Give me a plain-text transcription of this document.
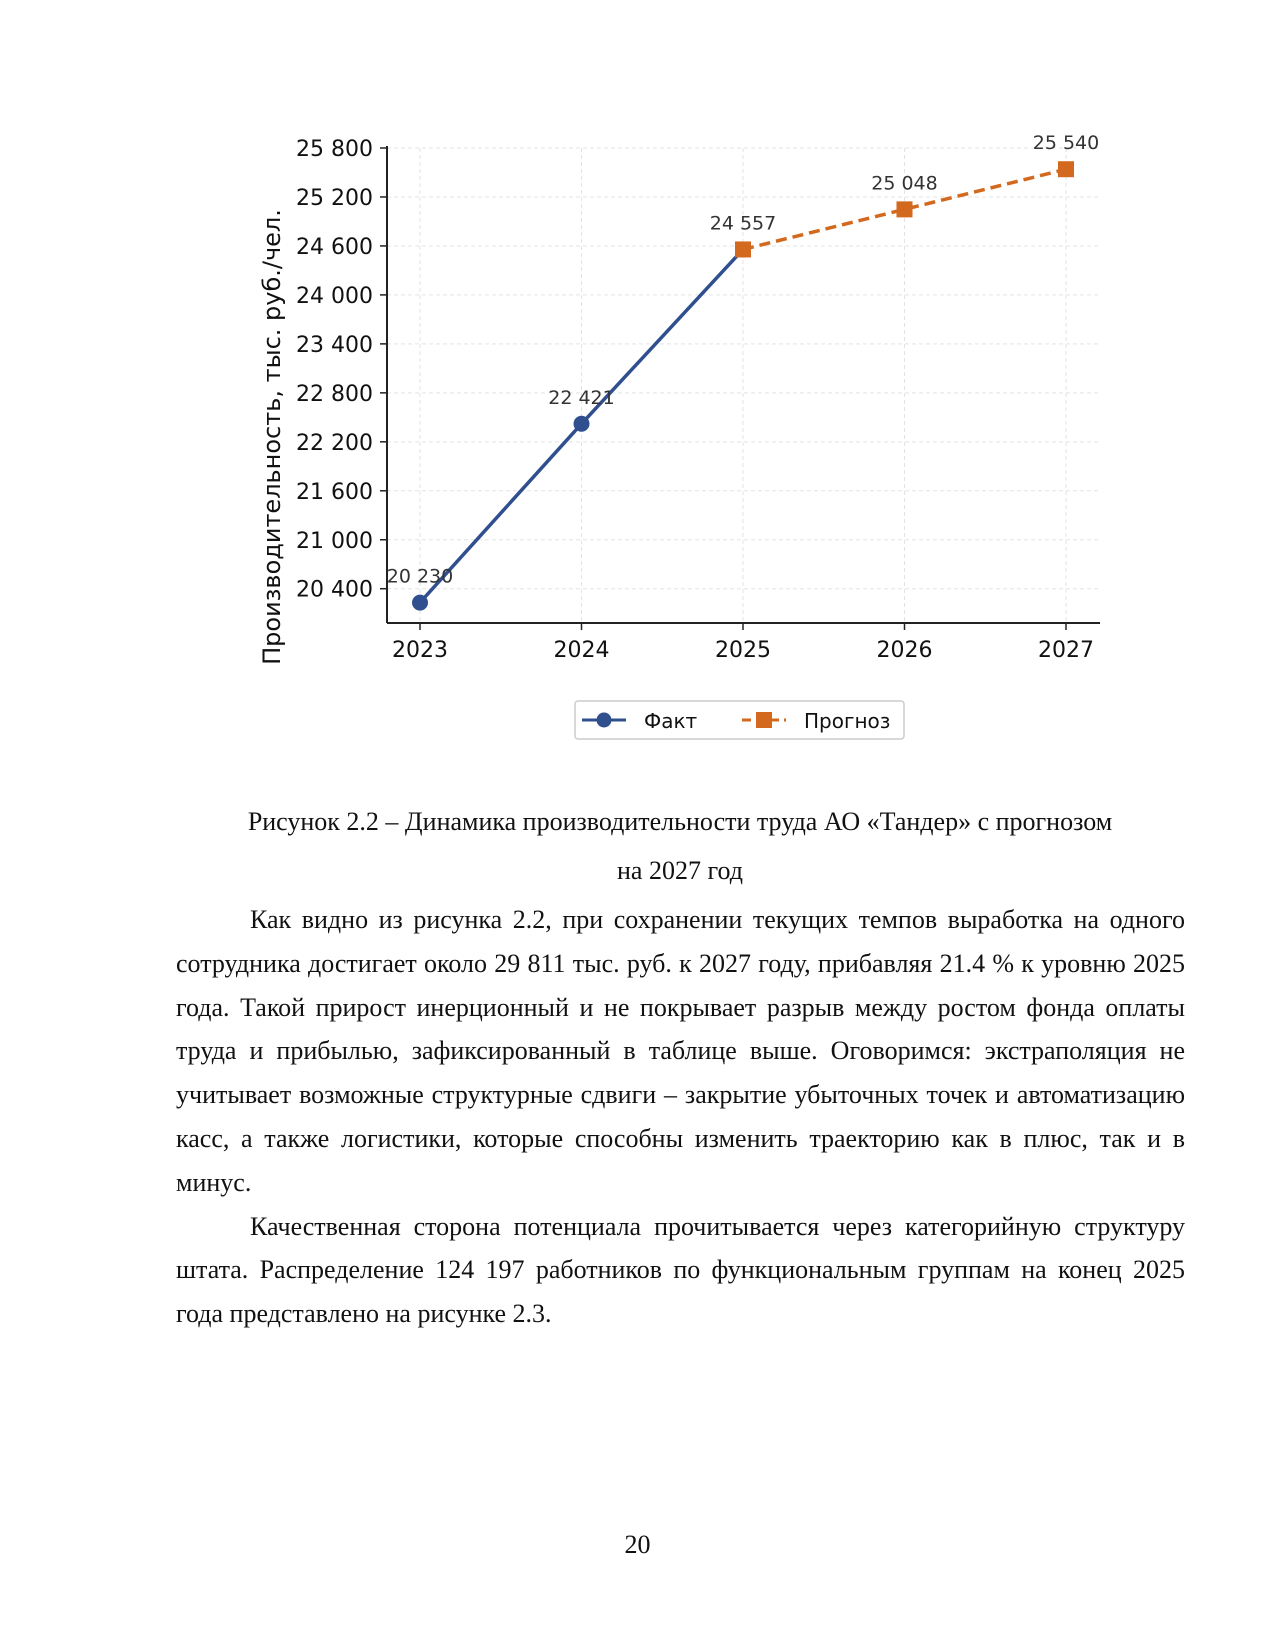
20 400
21 000
21 600
22 200
22 800
23 400
24 000
24 600
25 200
25 800
2023	2024	2025	2026	2027
Производительность, тыс. руб./чел.	20 230
22 421
24 557
25 048
25 540
Факт	Прогноз
Рисунок 2.2 – Динамика производительности труда АО «Тандер» с прогнозом
на 2027 год

Как видно из рисунка 2.2, при сохранении текущих темпов выработка на одного сотрудника достигает около 29 811 тыс. руб. к 2027 году, прибавляя 21.4 % к уровню 2025 года. Такой прирост инерционный и не покрывает разрыв между ростом фонда оплаты труда и прибылью, зафиксированный в таблице выше. Оговоримся: экстраполяция не учитывает возможные структурные сдвиги – закрытие убыточных точек и автоматизацию касс, а также логистики, которые способны изменить траекторию как в плюс, так и в минус.

Качественная сторона потенциала прочитывается через категорийную структуру штата. Распределение 124 197 работников по функциональным группам на конец 2025 года представлено на рисунке 2.3.

20
